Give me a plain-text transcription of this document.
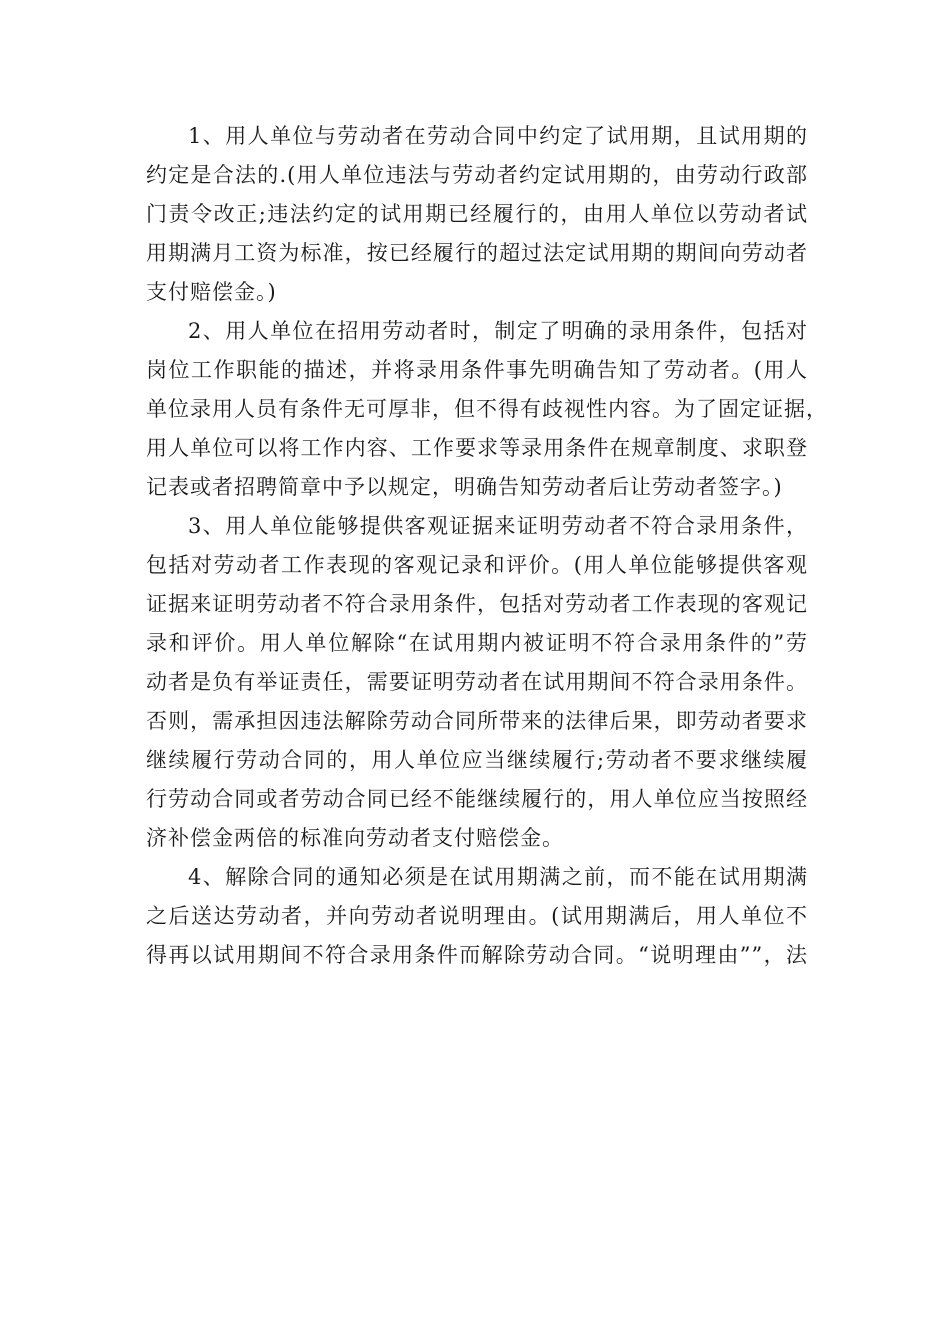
1、用人单位与劳动者在劳动合同中约定了试用期，且试用期的
约定是合法的.(用人单位违法与劳动者约定试用期的，由劳动行政部
门责令改正;违法约定的试用期已经履行的，由用人单位以劳动者试
用期满月工资为标准，按已经履行的超过法定试用期的期间向劳动者
支付赔偿金。)
2、用人单位在招用劳动者时，制定了明确的录用条件，包括对
岗位工作职能的描述，并将录用条件事先明确告知了劳动者。(用人
单位录用人员有条件无可厚非，但不得有歧视性内容。为了固定证据，
用人单位可以将工作内容、工作要求等录用条件在规章制度、求职登
记表或者招聘简章中予以规定，明确告知劳动者后让劳动者签字。)
3、用人单位能够提供客观证据来证明劳动者不符合录用条件，
包括对劳动者工作表现的客观记录和评价。(用人单位能够提供客观
证据来证明劳动者不符合录用条件，包括对劳动者工作表现的客观记
录和评价。用人单位解除“在试用期内被证明不符合录用条件的”劳
动者是负有举证责任，需要证明劳动者在试用期间不符合录用条件。
否则，需承担因违法解除劳动合同所带来的法律后果，即劳动者要求
继续履行劳动合同的，用人单位应当继续履行;劳动者不要求继续履
行劳动合同或者劳动合同已经不能继续履行的，用人单位应当按照经
济补偿金两倍的标准向劳动者支付赔偿金。
4、解除合同的通知必须是在试用期满之前，而不能在试用期满
之后送达劳动者，并向劳动者说明理由。(试用期满后，用人单位不
得再以试用期间不符合录用条件而解除劳动合同。“说明理由””，法
